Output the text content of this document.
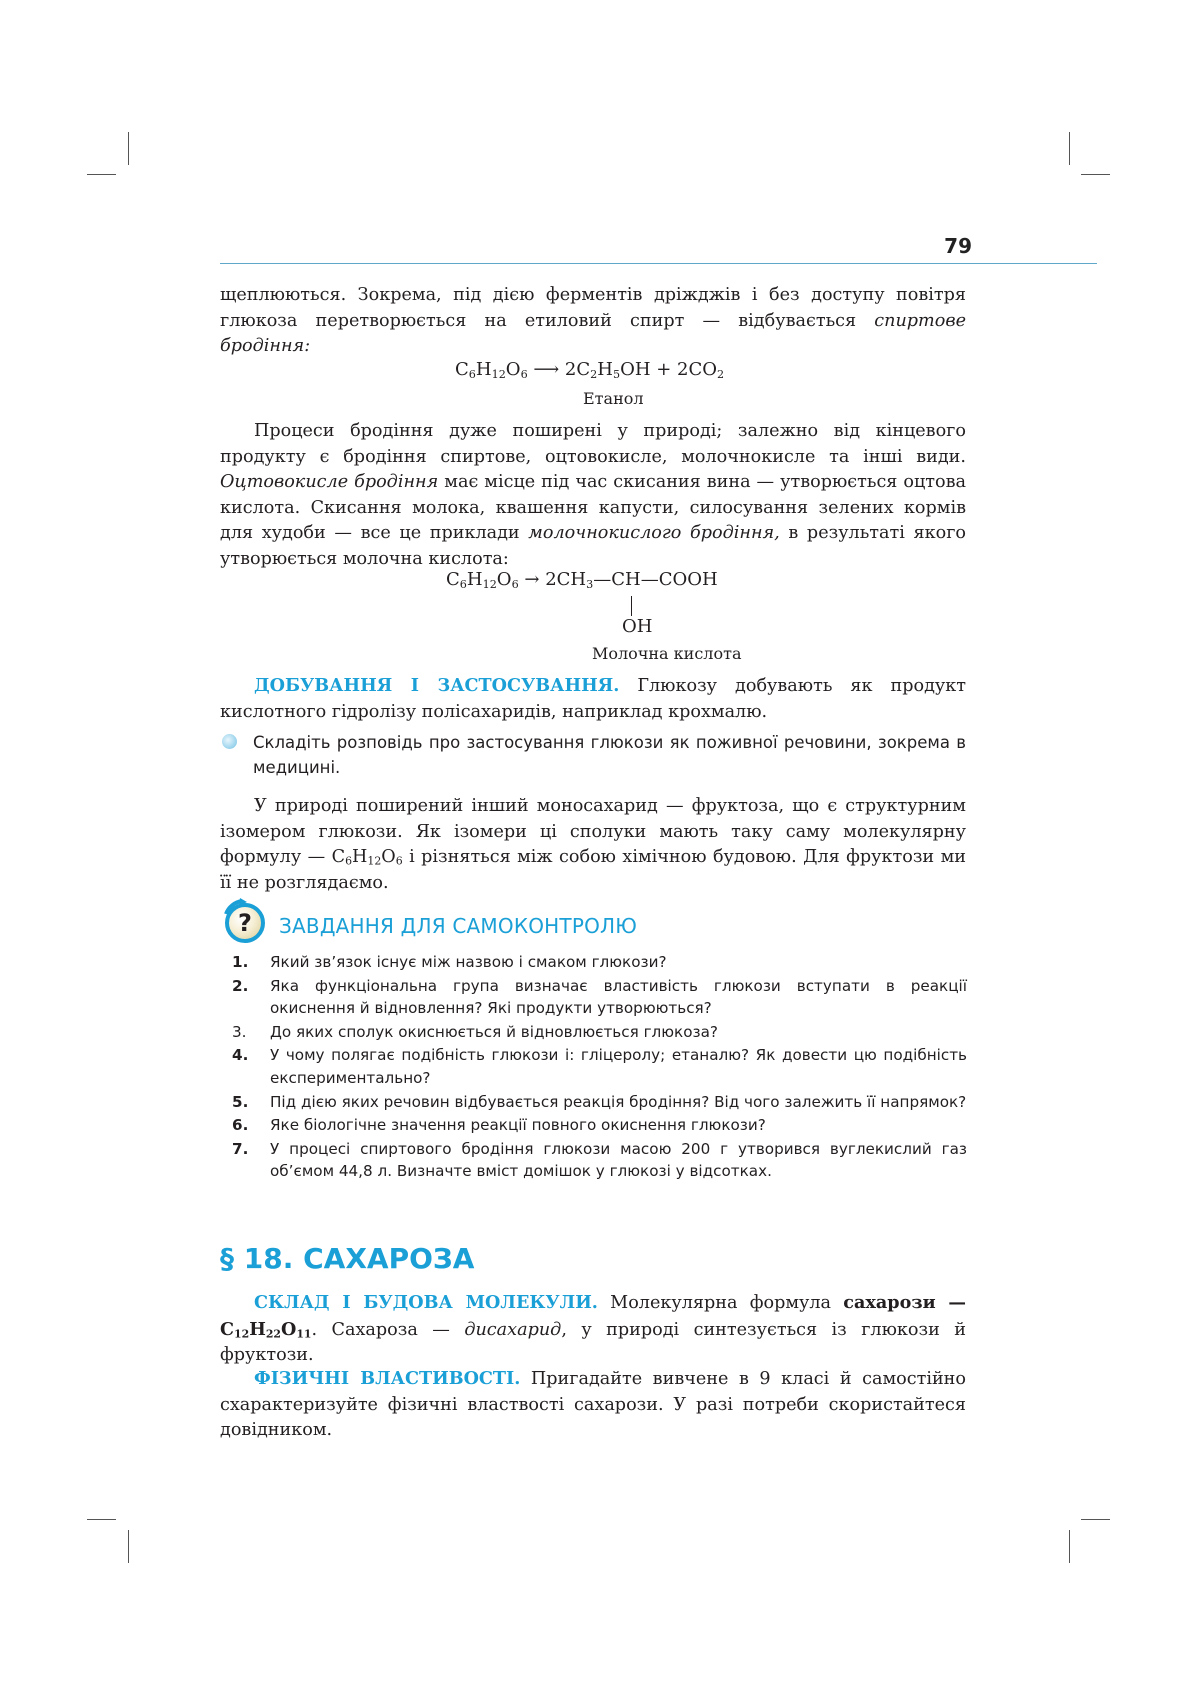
79

щеплюються. Зокрема, під дією ферментів дріжджів і без доступу повітря глюкоза перетворюється на етиловий спирт — відбувається спиртове бродіння:

$C_6H_{12}O_6$ ⟶ $2C_2H_5OH + 2CO_2$
Етанол

Процеси бродіння дуже поширені у природі; залежно від кінцевого продукту є бродіння спиртове, оцтовокисле, молочнокисле та інші види. Оцтовокисле бродіння має місце під час скисания вина — утворюється оцтова кислота. Скисання молока, квашення капусти, силосування зелених кормів для худоби — все це приклади молочнокислого бродіння, в результаті якого утворюється молочна кислота:

$C_6H_{12}O_6$ → $2CH_3—CH—COOH$
OH
Молочна кислота

ДОБУВАННЯ І ЗАСТОСУВАННЯ. Глюкозу добувають як продукт кислотного гідролізу полісахаридів, наприклад крохмалю.

Складіть розповідь про застосування глюкози як поживної речовини, зокрема в медицині.

У природі поширений інший моносахарид — фруктоза, що є структурним ізомером глюкози. Як ізомери ці сполуки мають таку саму молекулярну формулу — $C_6H_{12}O_6$ і різняться між собою хімічною будовою. Для фруктози ми її не розглядаємо.

? ЗАВДАННЯ ДЛЯ САМОКОНТРОЛЮ
1. Який зв’язок існує між назвою і смаком глюкози?
2. Яка функціональна група визначає властивість глюкози вступати в реакції окиснення й відновлення? Які продукти утворюються?
3. До яких сполук окиснюється й відновлюється глюкоза?
4. У чому полягає подібність глюкози і: гліцеролу; етаналю? Як довести цю подібність експериментально?
5. Під дією яких речовин відбувається реакція бродіння? Від чого залежить її напрямок?
6. Яке біологічне значення реакції повного окиснення глюкози?
7. У процесі спиртового бродіння глюкози масою 200 г утворився вуглекислий газ об’ємом 44,8 л. Визначте вміст домішок у глюкозі у відсотках.
§ 18. САХАРОЗА

СКЛАД І БУДОВА МОЛЕКУЛИ. Молекулярна формула сахарози — $C_{12}H_{22}O_{11}$. Сахароза — дисахарид, у природі синтезується із глюкози й фруктози.

ФІЗИЧНІ ВЛАСТИВОСТІ. Пригадайте вивчене в 9 класі й самостійно схарактеризуйте фізичні властвості сахарози. У разі потреби скористайтеся довідником.
